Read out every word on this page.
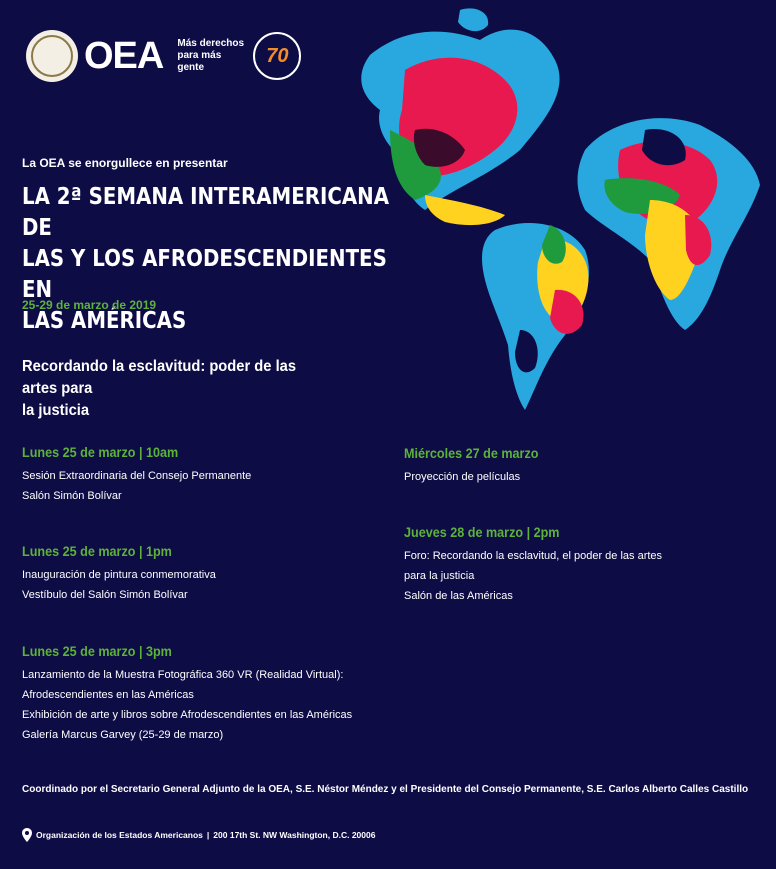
OEA Más derechos
para más gente
70
La OEA se enorgullece en presentar
LA 2ª SEMANA INTERAMERICANA DE
LAS Y LOS AFRODESCENDIENTES EN
LAS AMÉRICAS
25-29 de marzo de 2019
Recordando la esclavitud: poder de las artes para
la justicia
Lunes 25 de marzo | 10am
Sesión Extraordinaria del Consejo Permanente
Salón Simón Bolívar
Lunes 25 de marzo | 1pm
Inauguración de pintura conmemorativa
Vestíbulo del Salón Simón Bolívar
Lunes 25 de marzo | 3pm
Lanzamiento de la Muestra Fotográfica 360 VR (Realidad Virtual):
Afrodescendientes en las Américas
Exhibición de arte y libros sobre Afrodescendientes en las Américas
Galería Marcus Garvey (25-29 de marzo)
Miércoles 27 de marzo
Proyección de películas
Jueves 28 de marzo | 2pm
Foro: Recordando la esclavitud, el poder de las artes
para la justicia
Salón de las Américas
Coordinado por el Secretario General Adjunto de la OEA, S.E. Néstor Méndez y el Presidente del Consejo Permanente, S.E. Carlos Alberto Calles Castillo
Organización de los Estados Americanos | 200 17th St. NW Washington, D.C. 20006
